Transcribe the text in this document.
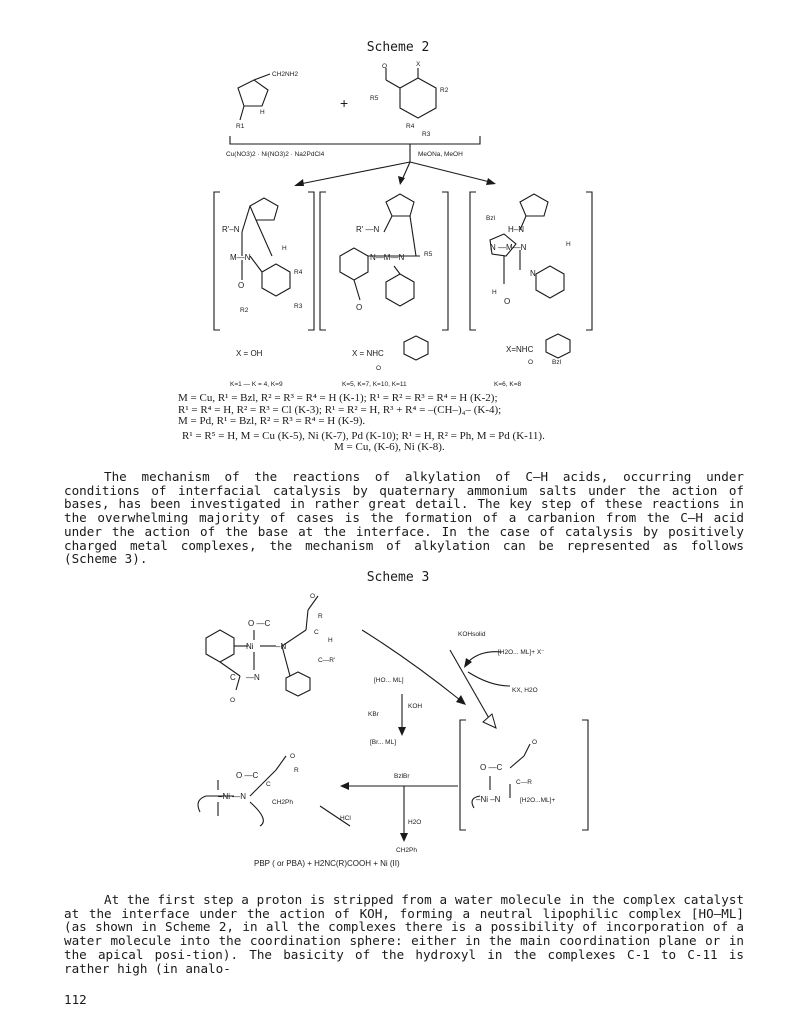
Scheme 2
CH2NH2
H
R1
+
O	X
R5
R2
R4
R3
Cu(NO3)2 · Ni(NO3)2 · Na2PdCl4	MeONa, MeOH
R'–N
M—N
H
O
R4
R2
R3
R' —N
N—M—N	R5
O
Bzl
H–N
N —M—N	H
N
H
O
X = OH	X = NHC
O
X=NHC
O	Bzl
K=1 — K = 4, K=9	K=5, K=7, K=10, K=11	K=6, K=8
M = Cu, R¹ = Bzl, R² = R³ = R⁴ = H (K-1); R¹ = R² = R³ = R⁴ = H (K-2);
R¹ = R⁴ = H, R² = R³ = Cl (K-3); R¹ = R² = H, R³ + R⁴ = –(CH–)₄– (K-4);
M = Pd, R¹ = Bzl, R² = R³ = R⁴ = H (K-9).
R¹ = R⁵ = H, M = Cu (K-5), Ni (K-7), Pd (K-10); R¹ = H, R² = Ph, M = Pd (K-11).
M = Cu, (K-6), Ni (K-8).
The mechanism of the reactions of alkylation of C—H acids, occurring under conditions of interfacial catalysis by quaternary ammonium salts under the action of bases, has been investigated in rather great detail. The key step of these reactions in the overwhelming majority of cases is the formation of a carbanion from the C—H acid under the action of the base at the interface. In the case of catalysis by positively charged metal complexes, the mechanism of alkylation can be represented as follows (Scheme 3).
Scheme 3
O —C
O
R
C
H
Ni	–N
C—R'
C —N
O
KOHsolid
[H2O... ML]+ X⁻
[HO... ML]
KX, H2O
KBr
KOH
[Br... ML]
O —C
O
R
C
–Ni —N
CH2Ph
BzlBr
H2O
HCl
O —C
O
C—R
–Ni –N	[H2O...ML]+
CH2Ph
PBP ( or PBA) + H2NC(R)COOH + Ni (II)
At the first step a proton is stripped from a water molecule in the complex catalyst at the interface under the action of KOH, forming a neutral lipophilic complex [HO—ML] (as shown in Scheme 2, in all the complexes there is a possibility of incorporation of a water molecule into the coordination sphere: either in the main coordination plane or in the apical posi-tion). The basicity of the hydroxyl in the complexes C-1 to C-11 is rather high (in analo-
112
